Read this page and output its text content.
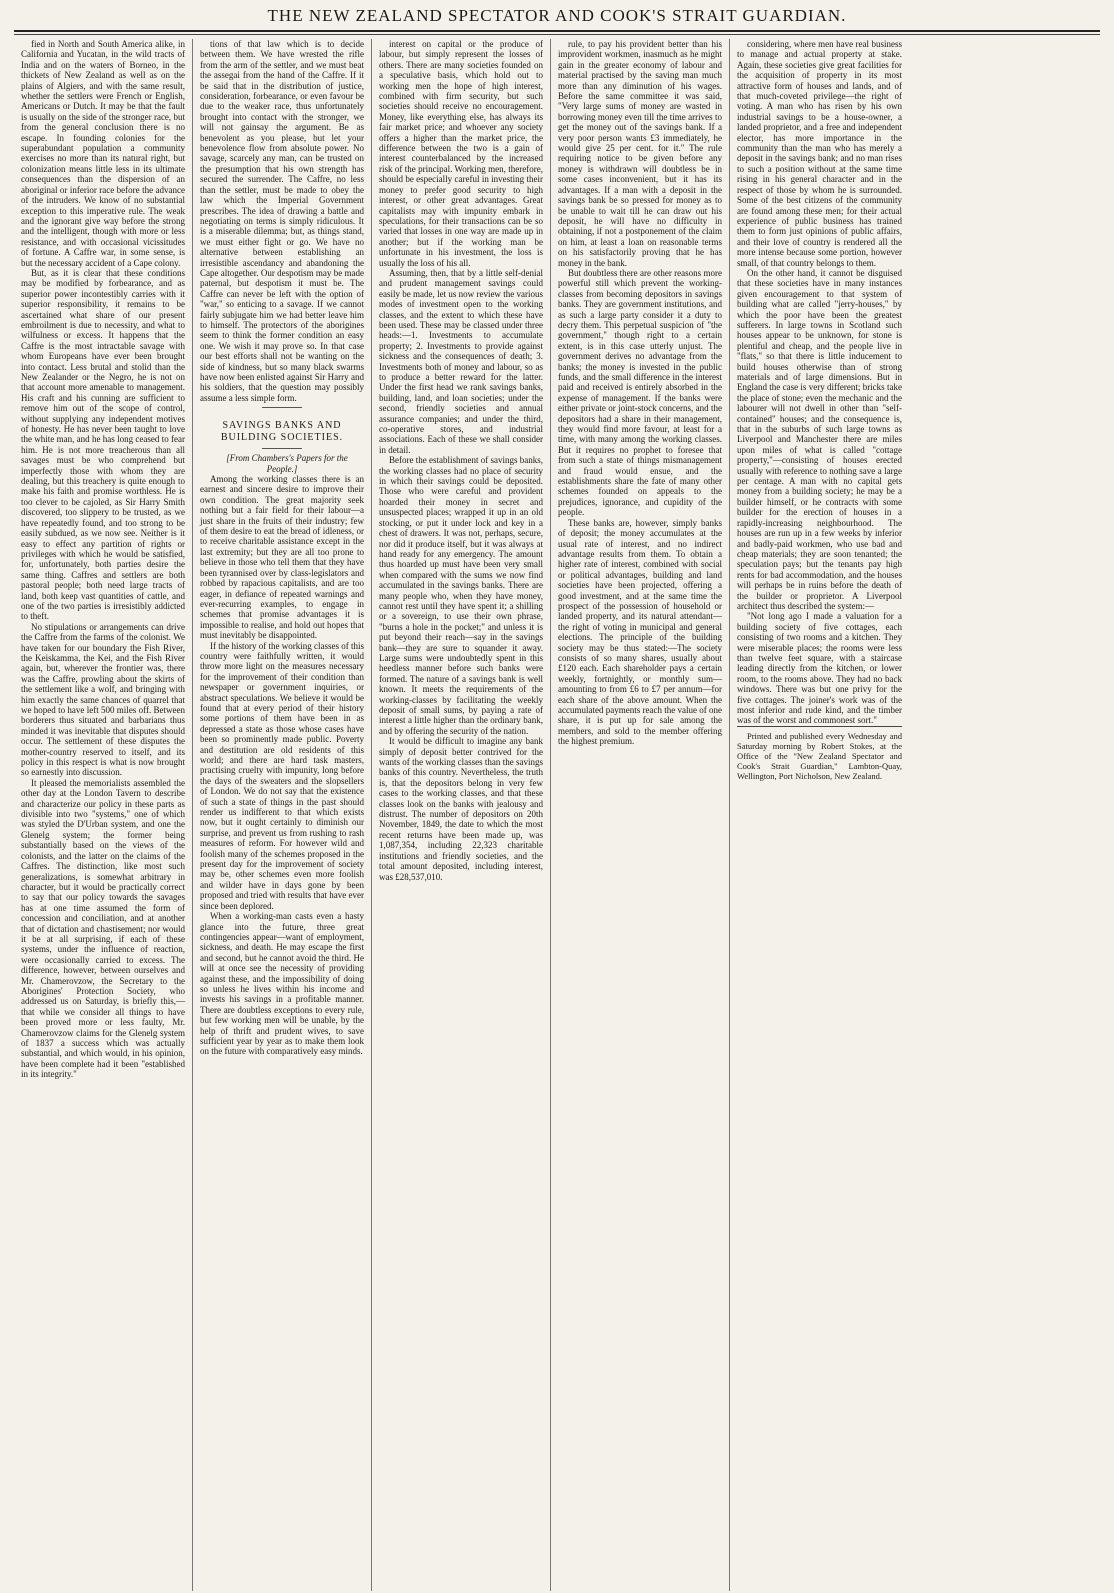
THE NEW ZEALAND SPECTATOR AND COOK'S STRAIT GUARDIAN.

fied in North and South America alike, in California and Yucatan, in the wild tracts of India and on the waters of Borneo, in the thickets of New Zealand as well as on the plains of Algiers, and with the same result, whether the settlers were French or English, Americans or Dutch. It may be that the fault is usually on the side of the stronger race, but from the general conclusion there is no escape. In founding colonies for the superabundant population a community exercises no more than its natural right, but colonization means little less in its ultimate consequences than the dispersion of an aboriginal or inferior race before the advance of the intruders. We know of no substantial exception to this imperative rule. The weak and the ignorant give way before the strong and the intelligent, though with more or less resistance, and with occasional vicissitudes of fortune. A Caffre war, in some sense, is but the necessary accident of a Cape colony.

But, as it is clear that these conditions may be modified by forbearance, and as superior power incontestibly carries with it superior responsibility, it remains to be ascertained what share of our present embroilment is due to necessity, and what to wilfulness or excess. It happens that the Caffre is the most intractable savage with whom Europeans have ever been brought into contact. Less brutal and stolid than the New Zealander or the Negro, he is not on that account more amenable to management. His craft and his cunning are sufficient to remove him out of the scope of control, without supplying any independent motives of honesty. He has never been taught to love the white man, and he has long ceased to fear him. He is not more treacherous than all savages must be who comprehend but imperfectly those with whom they are dealing, but this treachery is quite enough to make his faith and promise worthless. He is too clever to be cajoled, as Sir Harry Smith discovered, too slippery to be trusted, as we have repeatedly found, and too strong to be easily subdued, as we now see. Neither is it easy to effect any partition of rights or privileges with which he would be satisfied, for, unfortunately, both parties desire the same thing. Caffres and settlers are both pastoral people; both need large tracts of land, both keep vast quantities of cattle, and one of the two parties is irresistibly addicted to theft.

No stipulations or arrangements can drive the Caffre from the farms of the colonist. We have taken for our boundary the Fish River, the Keiskamma, the Kei, and the Fish River again, but, wherever the frontier was, there was the Caffre, prowling about the skirts of the settlement like a wolf, and bringing with him exactly the same chances of quarrel that we hoped to have left 500 miles off. Between borderers thus situated and barbarians thus minded it was inevitable that disputes should occur. The settlement of these disputes the mother-country reserved to itself, and its policy in this respect is what is now brought so earnestly into discussion.

It pleased the memorialists assembled the other day at the London Tavern to describe and characterize our policy in these parts as divisible into two "systems," one of which was styled the D'Urban system, and one the Glenelg system; the former being substantially based on the views of the colonists, and the latter on the claims of the Caffres. The distinction, like most such generalizations, is somewhat arbitrary in character, but it would be practically correct to say that our policy towards the savages has at one time assumed the form of concession and conciliation, and at another that of dictation and chastisement; nor would it be at all surprising, if each of these systems, under the influence of reaction, were occasionally carried to excess. The difference, however, between ourselves and Mr. Chamerovzow, the Secretary to the Aborigines' Protection Society, who addressed us on Saturday, is briefly this,—that while we consider all things to have been proved more or less faulty, Mr. Chamerovzow claims for the Glenelg system of 1837 a success which was actually substantial, and which would, in his opinion, have been complete had it been "established in its integrity."

tions of that law which is to decide between them. We have wrested the rifle from the arm of the settler, and we must beat the assegai from the hand of the Caffre. If it be said that in the distribution of justice, consideration, forbearance, or even favour be due to the weaker race, thus unfortunately brought into contact with the stronger, we will not gainsay the argument. Be as benevolent as you please, but let your benevolence flow from absolute power. No savage, scarcely any man, can be trusted on the presumption that his own strength has secured the surrender. The Caffre, no less than the settler, must be made to obey the law which the Imperial Government prescribes. The idea of drawing a battle and negotiating on terms is simply ridiculous. It is a miserable dilemma; but, as things stand, we must either fight or go. We have no alternative between establishing an irresistible ascendancy and abandoning the Cape altogether. Our despotism may be made paternal, but despotism it must be. The Caffre can never be left with the option of "war," so enticing to a savage. If we cannot fairly subjugate him we had better leave him to himself. The protectors of the aborigines seem to think the former condition an easy one. We wish it may prove so. In that case our best efforts shall not be wanting on the side of kindness, but so many black swarms have now been enlisted against Sir Harry and his soldiers, that the question may possibly assume a less simple form.

SAVINGS BANKS AND BUILDING SOCIETIES.

[From Chambers's Papers for the People.]

Among the working classes there is an earnest and sincere desire to improve their own condition. The great majority seek nothing but a fair field for their labour—a just share in the fruits of their industry; few of them desire to eat the bread of idleness, or to receive charitable assistance except in the last extremity; but they are all too prone to believe in those who tell them that they have been tyrannised over by class-legislators and robbed by rapacious capitalists, and are too eager, in defiance of repeated warnings and ever-recurring examples, to engage in schemes that promise advantages it is impossible to realise, and hold out hopes that must inevitably be disappointed.

If the history of the working classes of this country were faithfully written, it would throw more light on the measures necessary for the improvement of their condition than newspaper or government inquiries, or abstract speculations. We believe it would be found that at every period of their history some portions of them have been in as depressed a state as those whose cases have been so prominently made public. Poverty and destitution are old residents of this world; and there are hard task masters, practising cruelty with impunity, long before the days of the sweaters and the slopsellers of London. We do not say that the existence of such a state of things in the past should render us indifferent to that which exists now, but it ought certainly to diminish our surprise, and prevent us from rushing to rash measures of reform. For however wild and foolish many of the schemes proposed in the present day for the improvement of society may be, other schemes even more foolish and wilder have in days gone by been proposed and tried with results that have ever since been deplored.

When a working-man casts even a hasty glance into the future, three great contingencies appear—want of employment, sickness, and death. He may escape the first and second, but he cannot avoid the third. He will at once see the necessity of providing against these, and the impossibility of doing so unless he lives within his income and invests his savings in a profitable manner. There are doubtless exceptions to every rule, but few working men will be unable, by the help of thrift and prudent wives, to save sufficient year by year as to make them look on the future with comparatively easy minds.

interest on capital or the produce of labour, but simply represent the losses of others. There are many societies founded on a speculative basis, which hold out to working men the hope of high interest, combined with firm security, but such societies should receive no encouragement. Money, like everything else, has always its fair market price; and whoever any society offers a higher than the market price, the difference between the two is a gain of interest counterbalanced by the increased risk of the principal. Working men, therefore, should be especially careful in investing their money to prefer good security to high interest, or other great advantages. Great capitalists may with impunity embark in speculations, for their transactions can be so varied that losses in one way are made up in another; but if the working man be unfortunate in his investment, the loss is usually the loss of his all.

Assuming, then, that by a little self-denial and prudent management savings could easily be made, let us now review the various modes of investment open to the working classes, and the extent to which these have been used. These may be classed under three heads:—1. Investments to accumulate property; 2. Investments to provide against sickness and the consequences of death; 3. Investments both of money and labour, so as to produce a better reward for the latter. Under the first head we rank savings banks, building, land, and loan societies; under the second, friendly societies and annual assurance companies; and under the third, co-operative stores, and industrial associations. Each of these we shall consider in detail.

Before the establishment of savings banks, the working classes had no place of security in which their savings could be deposited. Those who were careful and provident hoarded their money in secret and unsuspected places; wrapped it up in an old stocking, or put it under lock and key in a chest of drawers. It was not, perhaps, secure, nor did it produce itself, but it was always at hand ready for any emergency. The amount thus hoarded up must have been very small when compared with the sums we now find accumulated in the savings banks. There are many people who, when they have money, cannot rest until they have spent it; a shilling or a sovereign, to use their own phrase, "burns a hole in the pocket;" and unless it is put beyond their reach—say in the savings bank—they are sure to squander it away. Large sums were undoubtedly spent in this heedless manner before such banks were formed. The nature of a savings bank is well known. It meets the requirements of the working-classes by facilitating the weekly deposit of small sums, by paying a rate of interest a little higher than the ordinary bank, and by offering the security of the nation.

It would be difficult to imagine any bank simply of deposit better contrived for the wants of the working classes than the savings banks of this country. Nevertheless, the truth is, that the depositors belong in very few cases to the working classes, and that these classes look on the banks with jealousy and distrust. The number of depositors on 20th November, 1849, the date to which the most recent returns have been made up, was 1,087,354, including 22,323 charitable institutions and friendly societies, and the total amount deposited, including interest, was £28,537,010.

rule, to pay his provident better than his improvident workmen, inasmuch as he might gain in the greater economy of labour and material practised by the saving man much more than any diminution of his wages. Before the same committee it was said, "Very large sums of money are wasted in borrowing money even till the time arrives to get the money out of the savings bank. If a very poor person wants £3 immediately, he would give 25 per cent. for it." The rule requiring notice to be given before any money is withdrawn will doubtless be in some cases inconvenient, but it has its advantages. If a man with a deposit in the savings bank be so pressed for money as to be unable to wait till he can draw out his deposit, he will have no difficulty in obtaining, if not a postponement of the claim on him, at least a loan on reasonable terms on his satisfactorily proving that he has money in the bank.

But doubtless there are other reasons more powerful still which prevent the working-classes from becoming depositors in savings banks. They are government institutions, and as such a large party consider it a duty to decry them. This perpetual suspicion of "the government," though right to a certain extent, is in this case utterly unjust. The government derives no advantage from the banks; the money is invested in the public funds, and the small difference in the interest paid and received is entirely absorbed in the expense of management. If the banks were either private or joint-stock concerns, and the depositors had a share in their management, they would find more favour, at least for a time, with many among the working classes. But it requires no prophet to foresee that from such a state of things mismanagement and fraud would ensue, and the establishments share the fate of many other schemes founded on appeals to the prejudices, ignorance, and cupidity of the people.

These banks are, however, simply banks of deposit; the money accumulates at the usual rate of interest, and no indirect advantage results from them. To obtain a higher rate of interest, combined with social or political advantages, building and land societies have been projected, offering a good investment, and at the same time the prospect of the possession of household or landed property, and its natural attendant—the right of voting in municipal and general elections. The principle of the building society may be thus stated:—The society consists of so many shares, usually about £120 each. Each shareholder pays a certain weekly, fortnightly, or monthly sum—amounting to from £6 to £7 per annum—for each share of the above amount. When the accumulated payments reach the value of one share, it is put up for sale among the members, and sold to the member offering the highest premium.

considering, where men have real business to manage and actual property at stake. Again, these societies give great facilities for the acquisition of property in its most attractive form of houses and lands, and of that much-coveted privilege—the right of voting. A man who has risen by his own industrial savings to be a house-owner, a landed proprietor, and a free and independent elector, has more importance in the community than the man who has merely a deposit in the savings bank; and no man rises to such a position without at the same time rising in his general character and in the respect of those by whom he is surrounded. Some of the best citizens of the community are found among these men; for their actual experience of public business has trained them to form just opinions of public affairs, and their love of country is rendered all the more intense because some portion, however small, of that country belongs to them.

On the other hand, it cannot be disguised that these societies have in many instances given encouragement to that system of building what are called "jerry-houses," by which the poor have been the greatest sufferers. In large towns in Scotland such houses appear to be unknown, for stone is plentiful and cheap, and the people live in "flats," so that there is little inducement to build houses otherwise than of strong materials and of large dimensions. But in England the case is very different; bricks take the place of stone; even the mechanic and the labourer will not dwell in other than "self-contained" houses; and the consequence is, that in the suburbs of such large towns as Liverpool and Manchester there are miles upon miles of what is called "cottage property,"—consisting of houses erected usually with reference to nothing save a large per centage. A man with no capital gets money from a building society; he may be a builder himself, or he contracts with some builder for the erection of houses in a rapidly-increasing neighbourhood. The houses are run up in a few weeks by inferior and badly-paid workmen, who use bad and cheap materials; they are soon tenanted; the speculation pays; but the tenants pay high rents for bad accommodation, and the houses will perhaps be in ruins before the death of the builder or proprietor. A Liverpool architect thus described the system:—

"Not long ago I made a valuation for a building society of five cottages, each consisting of two rooms and a kitchen. They were miserable places; the rooms were less than twelve feet square, with a staircase leading directly from the kitchen, or lower room, to the rooms above. They had no back windows. There was but one privy for the five cottages. The joiner's work was of the most inferior and rude kind, and the timber was of the worst and commonest sort."

Printed and published every Wednesday and Saturday morning by Robert Stokes, at the Office of the "New Zealand Spectator and Cook's Strait Guardian," Lambton-Quay, Wellington, Port Nicholson, New Zealand.
